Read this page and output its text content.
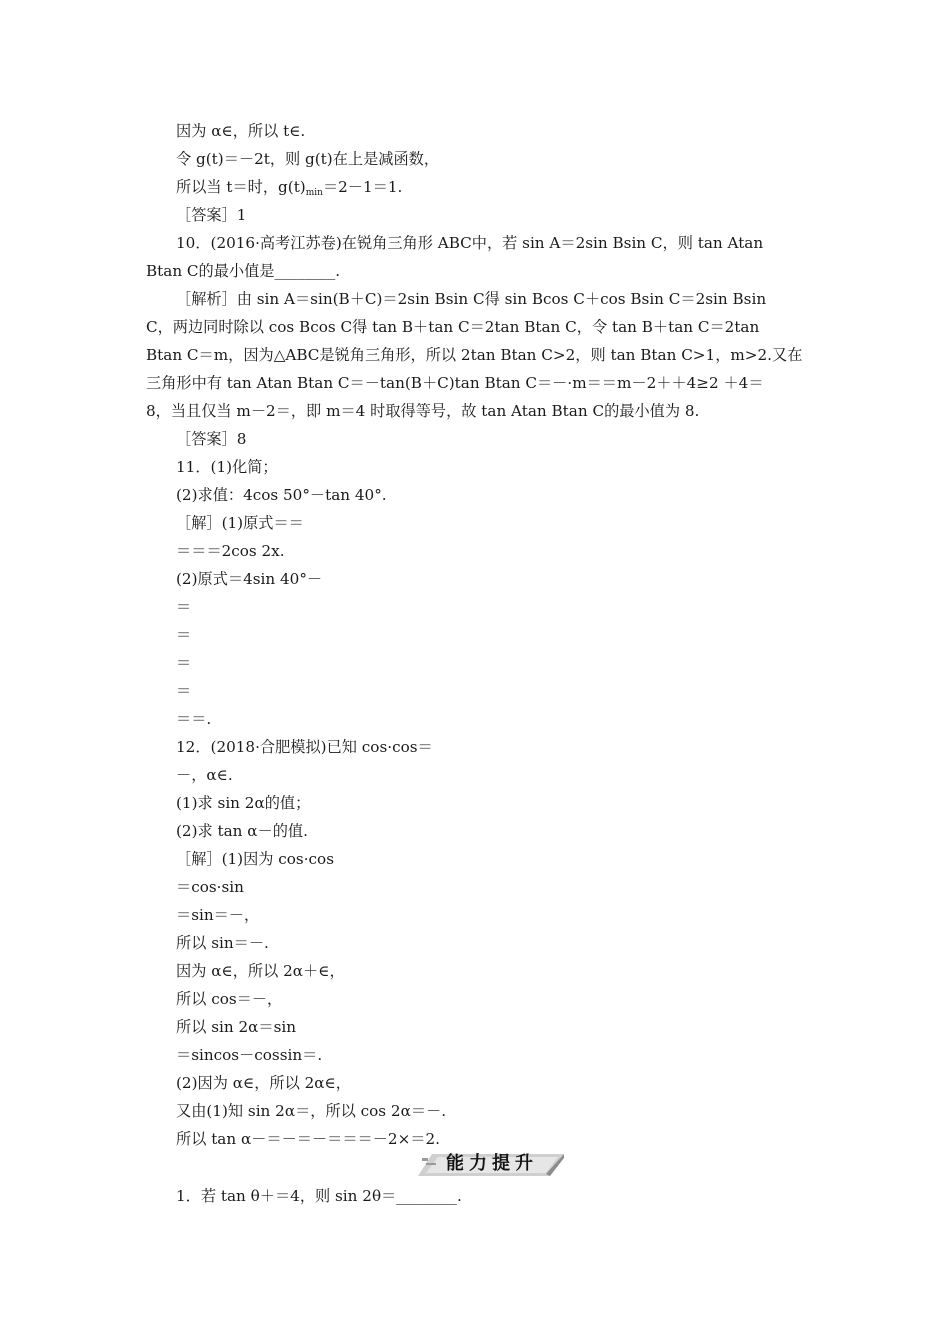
因为 α∈，所以 t∈.
令 g(t)＝－2t，则 g(t)在上是减函数，
所以当 t＝时，$g(t)_{min}=2-1=1$.
［答案］1
10．(2016·高考江苏卷)在锐角三角形 ABC中，若 sin A＝2sin Bsin C，则 tan Atan
Btan C的最小值是________.
［解析］由 sin A＝sin(B＋C)＝2sin Bsin C得 sin Bcos C＋cos Bsin C＝2sin Bsin
C，两边同时除以 cos Bcos C得 tan B＋tan C＝2tan Btan C，令 tan B＋tan C＝2tan
Btan C＝m，因为△ABC是锐角三角形，所以 2tan Btan C>2，则 tan Btan C>1，m>2.又在
三角形中有 tan Atan Btan C＝－tan(B＋C)tan Btan C＝－·m＝＝m－2＋＋4≥2 ＋4＝
8，当且仅当 m－2＝，即 m＝4 时取得等号，故 tan Atan Btan C的最小值为 8.
［答案］8
11．(1)化简；
(2)求值：4cos 50°－tan 40°.
［解］(1)原式＝＝
＝＝＝2cos 2x.
(2)原式＝4sin 40°－
＝
＝
＝
＝
＝＝.
12．(2018·合肥模拟)已知 cos·cos＝
－，α∈.
(1)求 sin 2α的值；
(2)求 tan α－的值.
［解］(1)因为 cos·cos
＝cos·sin
＝sin＝－，
所以 sin＝－.
因为 α∈，所以 2α＋∈，
所以 cos＝－，
所以 sin 2α＝sin
＝sincos－cossin＝.
(2)因为 α∈，所以 2α∈，
又由(1)知 sin 2α＝，所以 cos 2α＝－.
所以 tan α－＝－＝－＝＝＝－2×＝2.
能力提升
1．若 tan θ＋＝4，则 sin 2θ＝________.
